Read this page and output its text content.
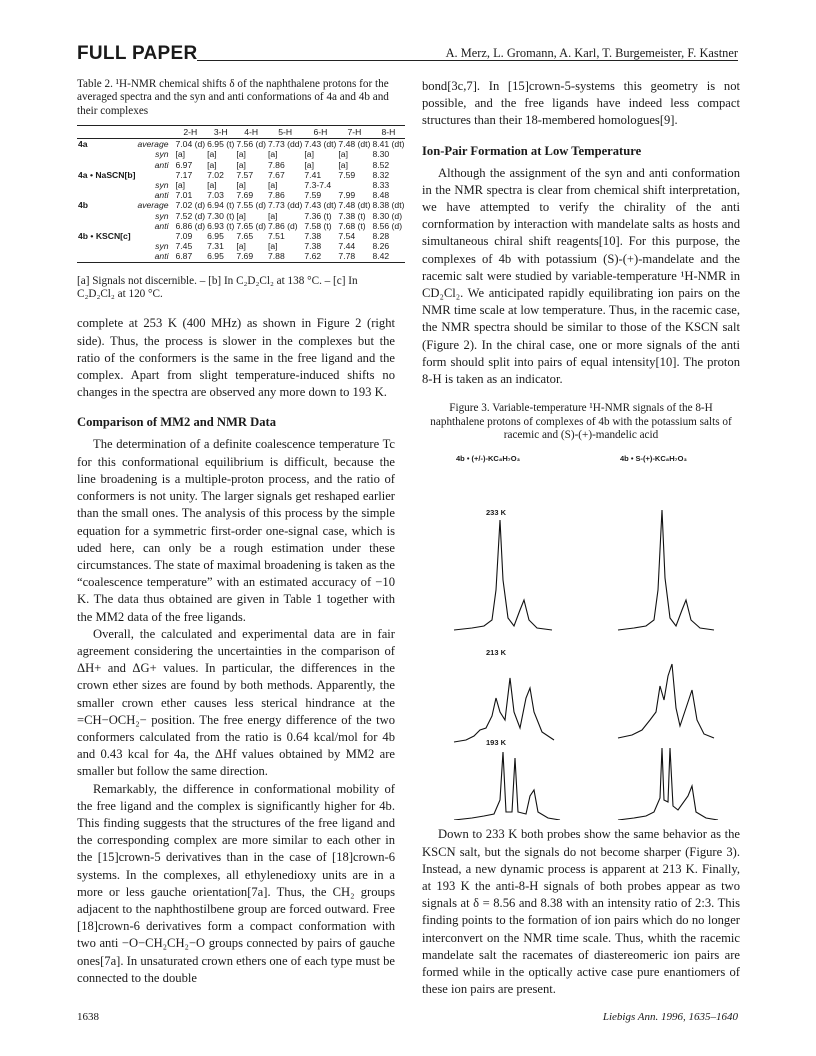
FULL PAPER	A. Merz, L. Gromann, A. Karl, T. Burgemeister, F. Kastner

Table 2. ¹H-NMR chemical shifts δ of the naphthalene protons for the averaged spectra and the syn and anti conformations of 4a and 4b and their complexes

		2-H	3-H	4-H	5-H	6-H	7-H	8-H
4a	average	7.04 (d)	6.95 (t)	7.56 (d)	7.73 (dd)	7.43 (dt)	7.48 (dt)	8.41 (dt)
	syn	[a]	[a]	[a]	[a]	[a]	[a]	8.30
	anti	6.97	[a]	[a]	7.86	[a]	[a]	8.52
4a • NaSCN[b]		7.17	7.02	7.57	7.67	7.41	7.59	8.32
	syn	[a]	[a]	[a]	[a]	7.3-7.4		8.33
	anti	7.01	7.03	7.69	7.86	7.59	7.99	8.48
4b	average	7.02 (d)	6.94 (t)	7.55 (d)	7.73 (dd)	7.43 (dt)	7.48 (dt)	8.38 (dt)
	syn	7.52 (d)	7.30 (t)	[a]	[a]	7.36 (t)	7.38 (t)	8.30 (d)
	anti	6.86 (d)	6.93 (t)	7.65 (d)	7.86 (d)	7.58 (t)	7.68 (t)	8.56 (d)
4b • KSCN[c]		7.09	6.95	7.65	7.51	7.38	7.54	8.28
	syn	7.45	7.31	[a]	[a]	7.38	7.44	8.26
	anti	6.87	6.95	7.69	7.88	7.62	7.78	8.42
[a] Signals not discernible. – [b] In C₂D₂Cl₂ at 138 °C. – [c] In C₂D₂Cl₂ at 120 °C.

complete at 253 K (400 MHz) as shown in Figure 2 (right side). Thus, the process is slower in the complexes but the ratio of the conformers is the same in the free ligand and the complex. Apart from slight temperature-induced shifts no changes in the spectra are observed any more down to 193 K.

Comparison of MM2 and NMR Data

The determination of a definite coalescence temperature Tc for this conformational equilibrium is difficult, because the line broadening is a multiple-proton process, and the ratio of conformers is not unity. The larger signals get reshaped earlier than the small ones. The analysis of this process by the simple equation for a symmetric first-order one-signal case, which is uded here, can only be a rough estimation under these circumstances. The state of maximal broadening is taken as the “coalescence temperature” with an estimated accuracy of −10 K. The data thus obtained are given in Table 1 together with the MM2 data of the free ligands.

Overall, the calculated and experimental data are in fair agreement considering the uncertainties in the comparison of ΔH+ and ΔG+ values. In particular, the differences in the crown ether sizes are found by both methods. Apparently, the smaller crown ether causes less sterical hindrance at the =CH−OCH₂− position. The free energy difference of the two conformers calculated from the ratio is 0.64 kcal/mol for 4b and 0.43 kcal for 4a, the ΔHf values obtained by MM2 are smaller but follow the same direction.

Remarkably, the difference in conformational mobility of the free ligand and the complex is significantly higher for 4b. This finding suggests that the structures of the free ligand and the corresponding complex are more similar to each other in the [15]crown-5 derivatives than in the case of [18]crown-6 systems. In the complexes, all ethylenedioxy units are in a more or less gauche orientation[7a]. Thus, the CH₂ groups adjacent to the naphthostilbene group are forced outward. Free [18]crown-6 derivatives form a compact conformation with two anti −O−CH₂CH₂−O groups connected by pairs of gauche ones[7a]. In unsaturated crown ethers one of each type must be connected to the double

bond[3c,7]. In [15]crown-5-systems this geometry is not possible, and the free ligands have indeed less compact structures than their 18-membered homologues[9].

Ion-Pair Formation at Low Temperature

Although the assignment of the syn and anti conformation in the NMR spectra is clear from chemical shift interpretation, we have attempted to verify the chirality of the anti cornformation by interaction with mandelate salts as hosts and simultaneous chiral shift reagents[10]. For this purpose, the complexes of 4b with potassium (S)-(+)-mandelate and the racemic salt were studied by variable-temperature ¹H-NMR in CD₂Cl₂. We anticipated rapidly equilibrating ion pairs on the NMR time scale at low temperature. Thus, in the racemic case, the NMR spectra should be similar to those of the KSCN salt (Figure 2). In the chiral case, one or more signals of the anti form should split into pairs of equal intensity[10]. The proton 8-H is taken as an indicator.

Figure 3. Variable-temperature ¹H-NMR signals of the 8-H naphthalene protons of complexes of 4b with the potassium salts of racemic and (S)-(+)-mandelic acid

4b • (+/-)-KC₈H₇O₃	4b • S-(+)-KC₈H₇O₃
233 K
213 K
193 K

Down to 233 K both probes show the same behavior as the KSCN salt, but the signals do not become sharper (Figure 3). Instead, a new dynamic process is apparent at 213 K. Finally, at 193 K the anti-8-H signals of both probes appear as two signals at δ = 8.56 and 8.38 with an intensity ratio of 2:3. This finding points to the formation of ion pairs which do no longer interconvert on the NMR time scale. Thus, whith the racemic mandelate salt the racemates of diastereomeric ion pairs are formed while in the optically active case pure enantiomers of these ion pairs are present.

1638	Liebigs Ann. 1996, 1635–1640
